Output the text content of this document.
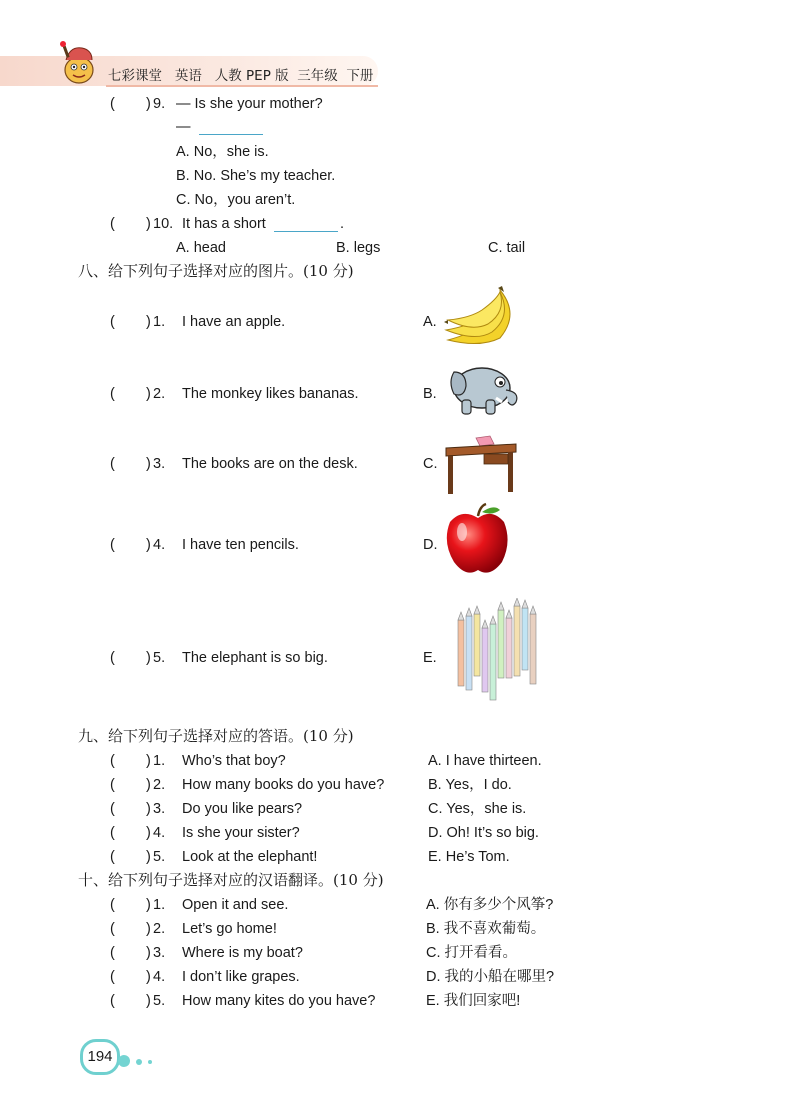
七彩课堂 英语 人教 PEP 版 三年级 下册
( ) 9. — Is she your mother?
—
A. No，she is.
B. No. She’s my teacher.
C. No，you aren’t.
( ) 10. It has a short	.
A. head	B. legs	C. tail
八、给下列句子选择对应的图片。(10 分)
( ) 1. I have an apple.	A.
( ) 2. The monkey likes bananas.	B.
( ) 3. The books are on the desk.	C.
( ) 4. I have ten pencils.	D.
( ) 5. The elephant is so big.	E.
九、给下列句子选择对应的答语。(10 分)
( ) 1. Who’s that boy?	A. I have thirteen.
( ) 2. How many books do you have?	B. Yes，I do.
( ) 3. Do you like pears?	C. Yes，she is.
( ) 4. Is she your sister?	D. Oh! It’s so big.
( ) 5. Look at the elephant!	E. He’s Tom.
十、给下列句子选择对应的汉语翻译。(10 分)
( ) 1. Open it and see.	A. 你有多少个风筝?
( ) 2. Let’s go home!	B. 我不喜欢葡萄。
( ) 3. Where is my boat?	C. 打开看看。
( ) 4. I don’t like grapes.	D. 我的小船在哪里?
( ) 5. How many kites do you have?	E. 我们回家吧!
194
